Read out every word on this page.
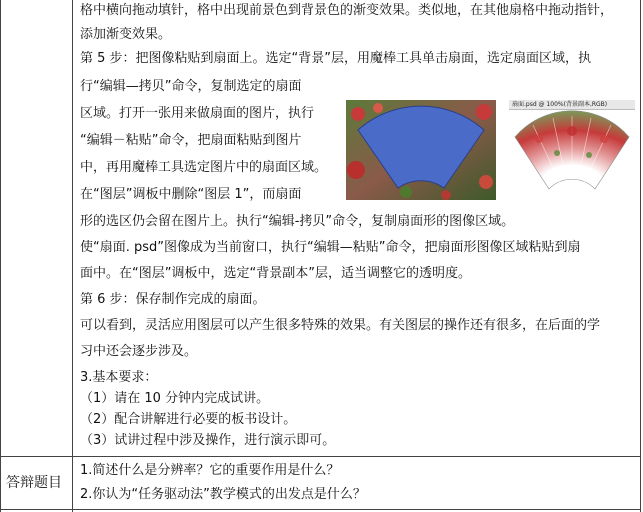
格中横向拖动填针，格中出现前景色到背景色的渐变效果。类似地，在其他扇格中拖动指针，
添加渐变效果。
第 5 步：把图像粘贴到扇面上。选定“背景”层，用魔棒工具单击扇面，选定扇面区域，执
行“编辑—拷贝”命令，复制选定的扇面
区域。打开一张用来做扇面的图片，执行
“编辑－粘贴”命令，把扇面粘贴到图片
中，再用魔棒工具选定图片中的扇面区域。
在“图层”调板中删除“图层 1”，而扇面
形的选区仍会留在图片上。执行“编辑-拷贝”命令，复制扇面形的图像区域。
使“扇面. psd”图像成为当前窗口，执行“编辑—粘贴”命令，把扇面形图像区域粘贴到扇
面中。在“图层”调板中，选定“背景副本”层，适当调整它的透明度。
第 6 步：保存制作完成的扇面。
可以看到，灵活应用图层可以产生很多特殊的效果。有关图层的操作还有很多，在后面的学
习中还会逐步涉及。
3.基本要求：
（1）请在 10 分钟内完成试讲。
（2）配合讲解进行必要的板书设计。
（3）试讲过程中涉及操作，进行演示即可。
扇面.psd @ 100%(背景副本,RGB)
答辩题目
1.简述什么是分辨率？它的重要作用是什么？
2.你认为“任务驱动法”教学模式的出发点是什么？
